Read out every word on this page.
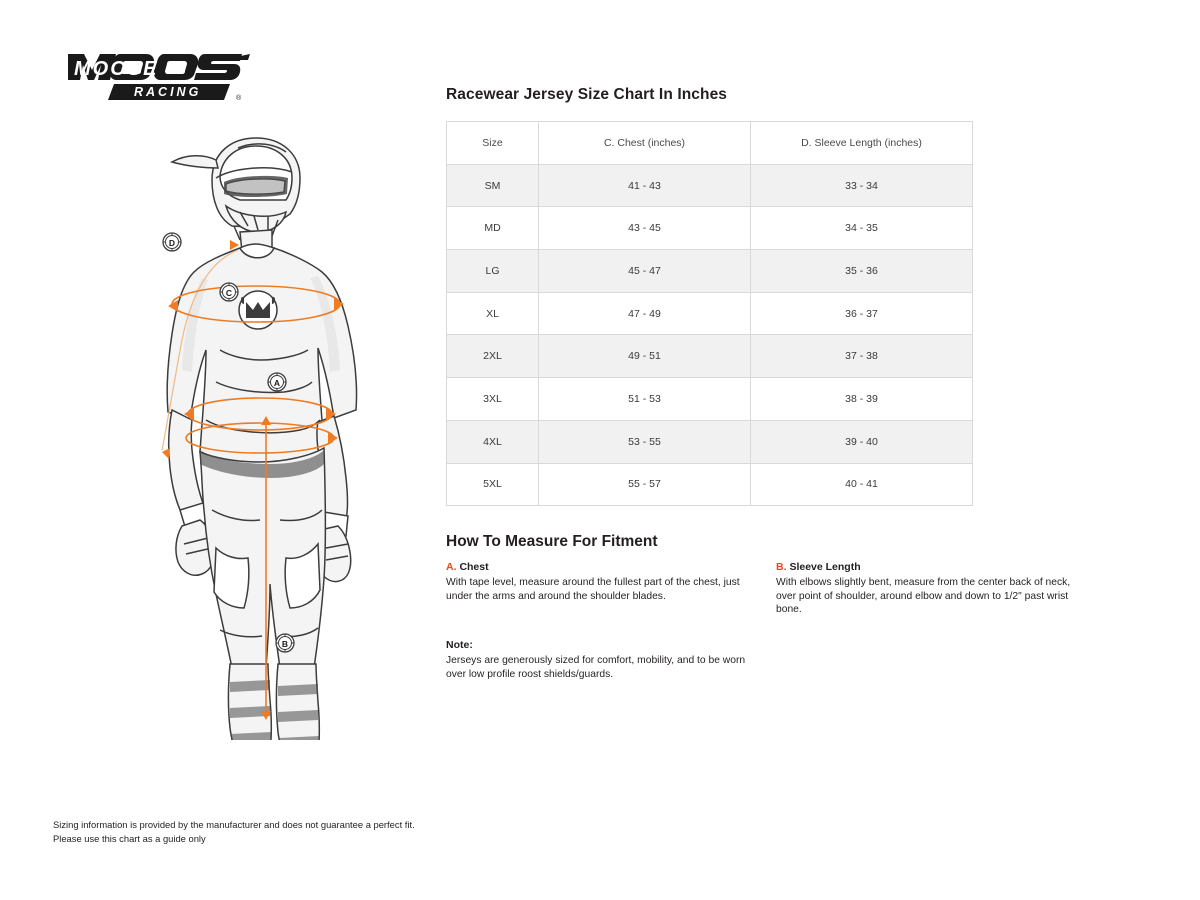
RACING
MOOSE
®
D
C
A
B
Racewear Jersey Size Chart In Inches
Size	C. Chest (inches)	D. Sleeve Length (inches)
SM	41 - 43	33 - 34
MD	43 - 45	34 - 35
LG	45 - 47	35 - 36
XL	47 - 49	36 - 37
2XL	49 - 51	37 - 38
3XL	51 - 53	38 - 39
4XL	53 - 55	39 - 40
5XL	55 - 57	40 - 41
How To Measure For Fitment
A. Chest
With tape level, measure around the fullest part of the chest, just under the arms and around the shoulder blades.
B. Sleeve Length
With elbows slightly bent, measure from the center back of neck, over point of shoulder, around elbow and down to 1/2" past wrist bone.
Note:
Jerseys are generously sized for comfort, mobility, and to be worn over low profile roost shields/guards.
Sizing information is provided by the manufacturer and does not guarantee a perfect fit.
Please use this chart as a guide only
